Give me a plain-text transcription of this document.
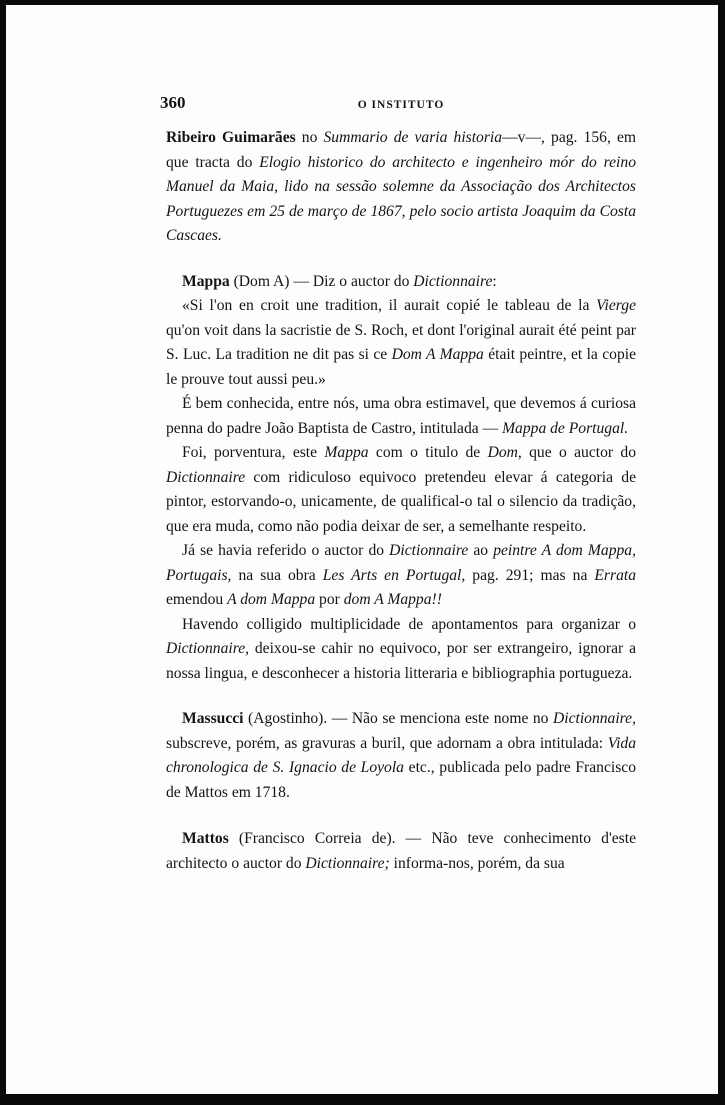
360	O INSTITUTO

Ribeiro Guimarães no Summario de varia historia—v—, pag. 156, em que tracta do Elogio historico do architecto e ingenheiro mór do reino Manuel da Maia, lido na sessão solemne da Associação dos Architectos Portuguezes em 25 de março de 1867, pelo socio artista Joaquim da Costa Cascaes.

Mappa (Dom A) — Diz o auctor do Dictionnaire:

«Si l'on en croit une tradition, il aurait copié le tableau de la Vierge qu'on voit dans la sacristie de S. Roch, et dont l'original aurait été peint par S. Luc. La tradition ne dit pas si ce Dom A Mappa était peintre, et la copie le prouve tout aussi peu.»

É bem conhecida, entre nós, uma obra estimavel, que devemos á curiosa penna do padre João Baptista de Castro, intitulada — Mappa de Portugal.

Foi, porventura, este Mappa com o titulo de Dom, que o auctor do Dictionnaire com ridiculoso equivoco pretendeu elevar á categoria de pintor, estorvando-o, unicamente, de qualifical-o tal o silencio da tradição, que era muda, como não podia deixar de ser, a semelhante respeito.

Já se havia referido o auctor do Dictionnaire ao peintre A dom Mappa, Portugais, na sua obra Les Arts en Portugal, pag. 291; mas na Errata emendou A dom Mappa por dom A Mappa!!

Havendo colligido multiplicidade de apontamentos para organizar o Dictionnaire, deixou-se cahir no equivoco, por ser extrangeiro, ignorar a nossa lingua, e desconhecer a historia litteraria e bibliographia portugueza.

Massucci (Agostinho). — Não se menciona este nome no Dictionnaire, subscreve, porém, as gravuras a buril, que adornam a obra intitulada: Vida chronologica de S. Ignacio de Loyola etc., publicada pelo padre Francisco de Mattos em 1718.

Mattos (Francisco Correia de). — Não teve conhecimento d'este architecto o auctor do Dictionnaire; informa-nos, porém, da sua
